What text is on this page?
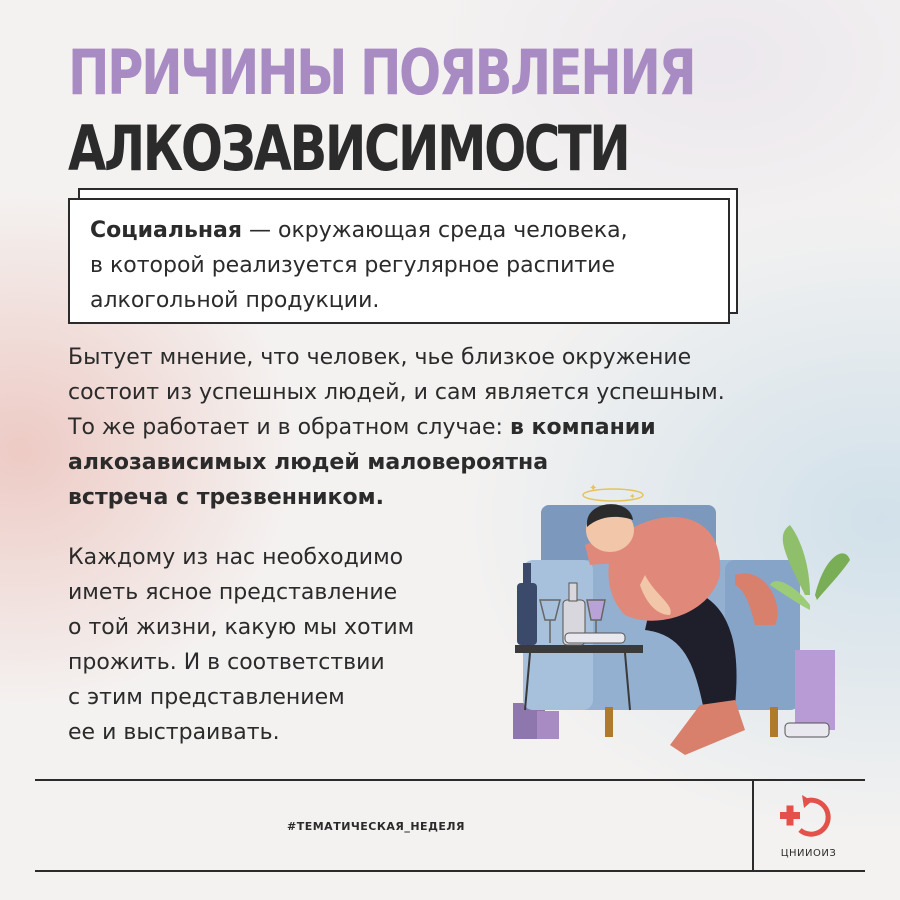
ПРИЧИНЫ ПОЯВЛЕНИЯ
АЛКОЗАВИСИМОСТИ
Социальная — окружающая среда человека,
в которой реализуется регулярное распитие
алкогольной продукции.
Бытует мнение, что человек, чье близкое окружение
состоит из успешных людей, и сам является успешным.
То же работает и в обратном случае: в компании
алкозависимых людей маловероятна
встреча с трезвенником.
Каждому из нас необходимо
иметь ясное представление
о той жизни, какую мы хотим
прожить. И в соответствии
с этим представлением
ее и выстраивать.
✦
✦
#ТЕМАТИЧЕСКАЯ_НЕДЕЛЯ
ЦНИИОИЗ
